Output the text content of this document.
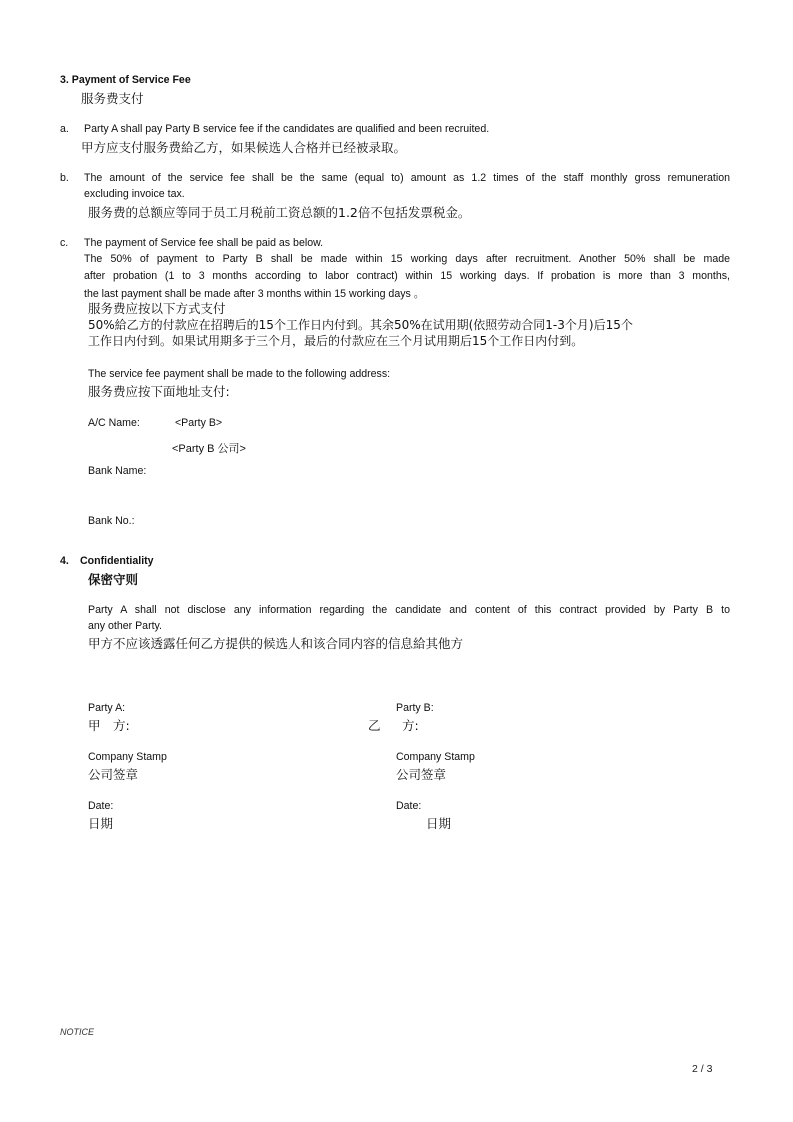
3. Payment of Service Fee
服务费支付
a. Party A shall pay Party B service fee if the candidates are qualified and been recruited.
甲方应支付服务费給乙方，如果候选人合格并已经被录取。
b. The amount of the service fee shall be the same (equal to) amount as 1.2 times of the staff monthly gross remuneration
excluding invoice tax.
服务费的总额应等同于员工月税前工资总额的1.2倍不包括发票税金。
c. The payment of Service fee shall be paid as below.
The 50% of payment to Party B shall be made within 15 working days after recruitment. Another 50% shall be made
after probation (1 to 3 months according to labor contract) within 15 working days. If probation is more than 3 months,
the last payment shall be made after 3 months within 15 working days 。
服务费应按以下方式支付
50%給乙方的付款应在招聘后的15个工作日内付到。其余50%在试用期(依照劳动合同1-3个月)后15个
工作日内付到。如果试用期多于三个月，最后的付款应在三个月试用期后15个工作日内付到。
The service fee payment shall be made to the following address:
服务费应按下面地址支付:
A/C Name:	<Party B>
<Party B 公司>
Bank Name:
Bank No.:
4. Confidentiality
保密守则
Party A shall not disclose any information regarding the candidate and content of this contract provided by Party B to
any other Party.
甲方不应该透露任何乙方提供的候选人和该合同内容的信息給其他方
Party A:
甲　方:
Party B:
乙 方:
Company Stamp
公司签章
Company Stamp
公司签章
Date:
日期
Date:
日期
NOTICE
2 / 3
